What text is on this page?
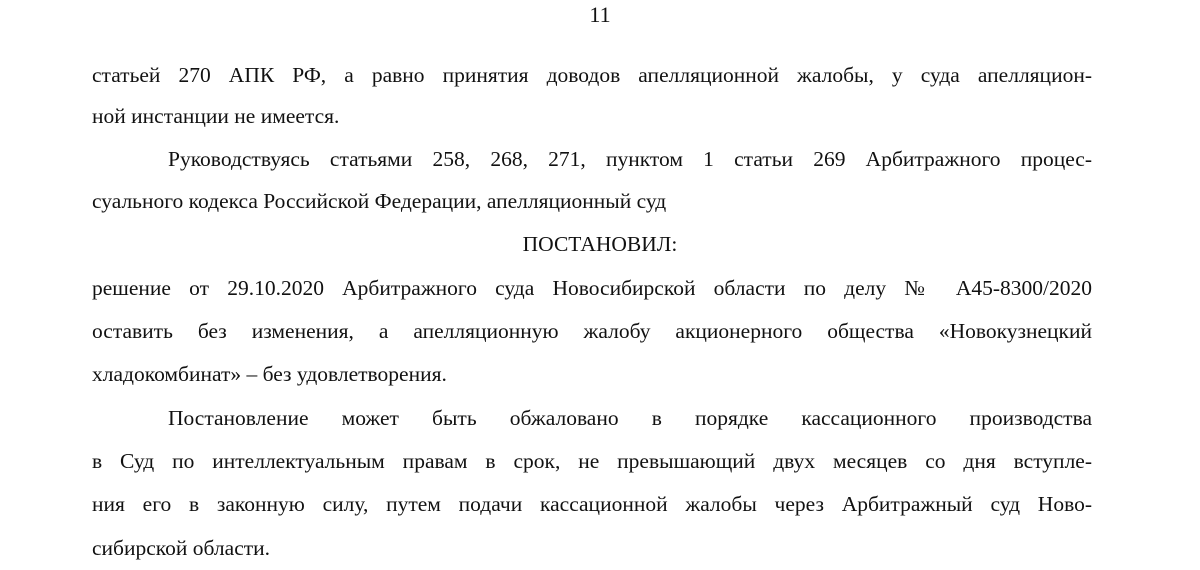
11
статьей 270 АПК РФ, а равно принятия доводов апелляционной жалобы, у суда апелляцион-
ной инстанции не имеется.
Руководствуясь статьями 258, 268, 271, пунктом 1 статьи 269 Арбитражного процес-
суального кодекса Российской Федерации, апелляционный суд
ПОСТАНОВИЛ:
решение от 29.10.2020 Арбитражного суда Новосибирской области по делу № А45-8300/2020
оставить без изменения, а апелляционную жалобу акционерного общества «Новокузнецкий
хладокомбинат» – без удовлетворения.
Постановление может быть обжаловано в порядке кассационного производства
в Суд по интеллектуальным правам в срок, не превышающий двух месяцев со дня вступле-
ния его в законную силу, путем подачи кассационной жалобы через Арбитражный суд Ново-
сибирской области.
